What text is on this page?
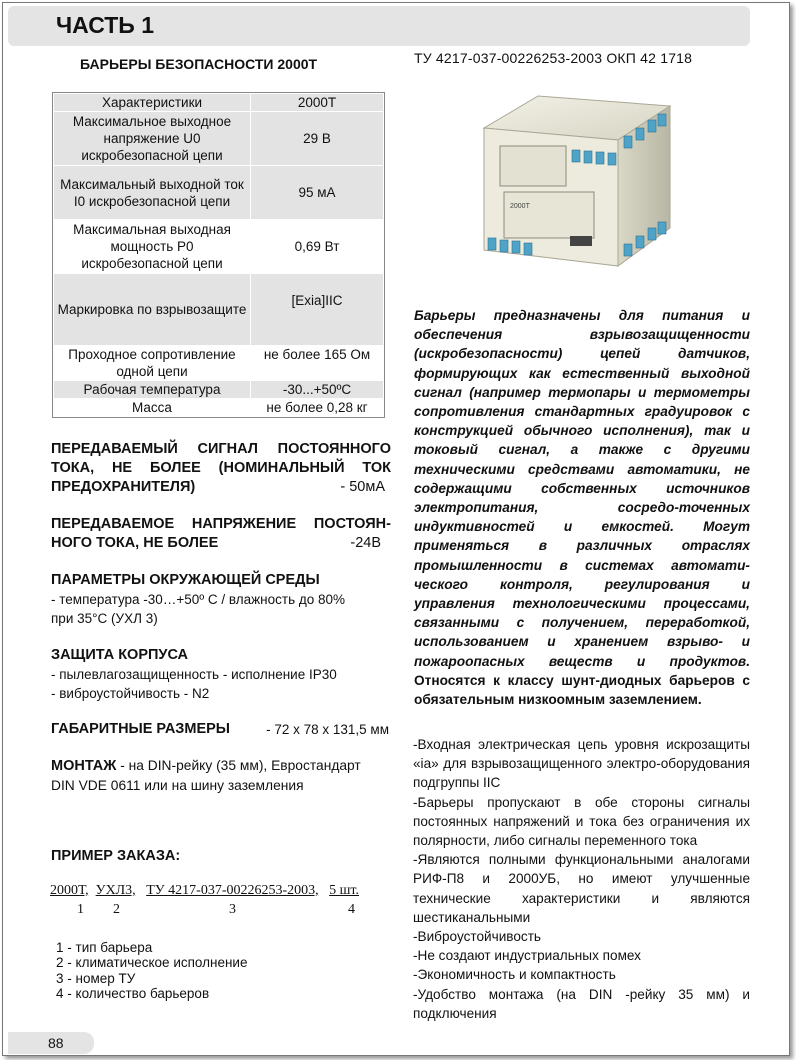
ЧАСТЬ 1
БАРЬЕРЫ БЕЗОПАСНОСТИ 2000Т	ТУ 4217-037-00226253-2003 ОКП 42 1718
Характеристики	2000Т
Максимальное выходное напряжение U0 искробезопасной цепи	29 В
Максимальный выходной ток I0 искробезопасной цепи	95 мА
Максимальная выходная мощность P0 искробезопасной цепи	0,69 Вт
Маркировка по взрывозащите	[Exia]IIC
Проходное сопротивление одной цепи	не более 165 Ом
Рабочая температура	-30...+50ºC
Масса	не более 0,28 кг
ПЕРЕДАВАЕМЫЙ СИГНАЛ ПОСТОЯННОГО ТОКА, НЕ БОЛЕЕ (НОМИНАЛЬНЫЙ ТОК ПРЕДОХРАНИТЕЛЯ)	- 50мА
ПЕРЕДАВАЕМОЕ НАПРЯЖЕНИЕ ПОСТОЯН-НОГО ТОКА, НЕ БОЛЕЕ	-24В
ПАРАМЕТРЫ ОКРУЖАЮЩЕЙ СРЕДЫ
- температура -30…+50º С / влажность до 80%
при 35°С (УХЛ 3)
ЗАЩИТА КОРПУСА
- пылевлагозащищенность - исполнение IP30
- виброустойчивость - N2
ГАБАРИТНЫЕ РАЗМЕРЫ	- 72 х 78 х 131,5 мм
МОНТАЖ - на DIN-рейку (35 мм), Евростандарт
DIN VDE 0611 или на шину заземления
2000Т
Барьеры предназначены для питания и обеспечения взрывозащищенности (искробезопасности) цепей датчиков, формирующих как естественный выходной сигнал (например термопары и термометры сопротивления стандартных градуировок с конструкцией обычного исполнения), так и токовый сигнал, а также с другими техническими средствами автоматики, не содержащими собственных источников электропитания, сосредо-точенных индуктивностей и емкостей. Могут применяться в различных отраслях промышленности в системах автомати-ческого контроля, регулирования и управления технологическими процессами, связанными с получением, переработкой, использованием и хранением взрыво- и пожароопасных веществ и продуктов. Относятся к классу шунт-диодных барьеров с обязательным низкоомным заземлением.
-Входная электрическая цепь уровня искрозащиты «ia» для взрывозащищенного электро-оборудования подгруппы IIC
-Барьеры пропускают в обе стороны сигналы постоянных напряжений и тока без ограничения их полярности, либо сигналы переменного тока
-Являются полными функциональными аналогами РИФ-П8 и 2000УБ, но имеют улучшенные технические характеристики и являются шестиканальными
-Виброустойчивость
-Не создают индустриальных помех
-Экономичность и компактность
-Удобство монтажа (на DIN -рейку 35 мм) и подключения
ПРИМЕР ЗАКАЗА:
2000Т, УХЛ3, ТУ 4217-037-00226253-2003, 5 шт.
1 2	3	4
1 - тип барьера
2 - климатическое исполнение
3 - номер ТУ
4 - количество барьеров
88
